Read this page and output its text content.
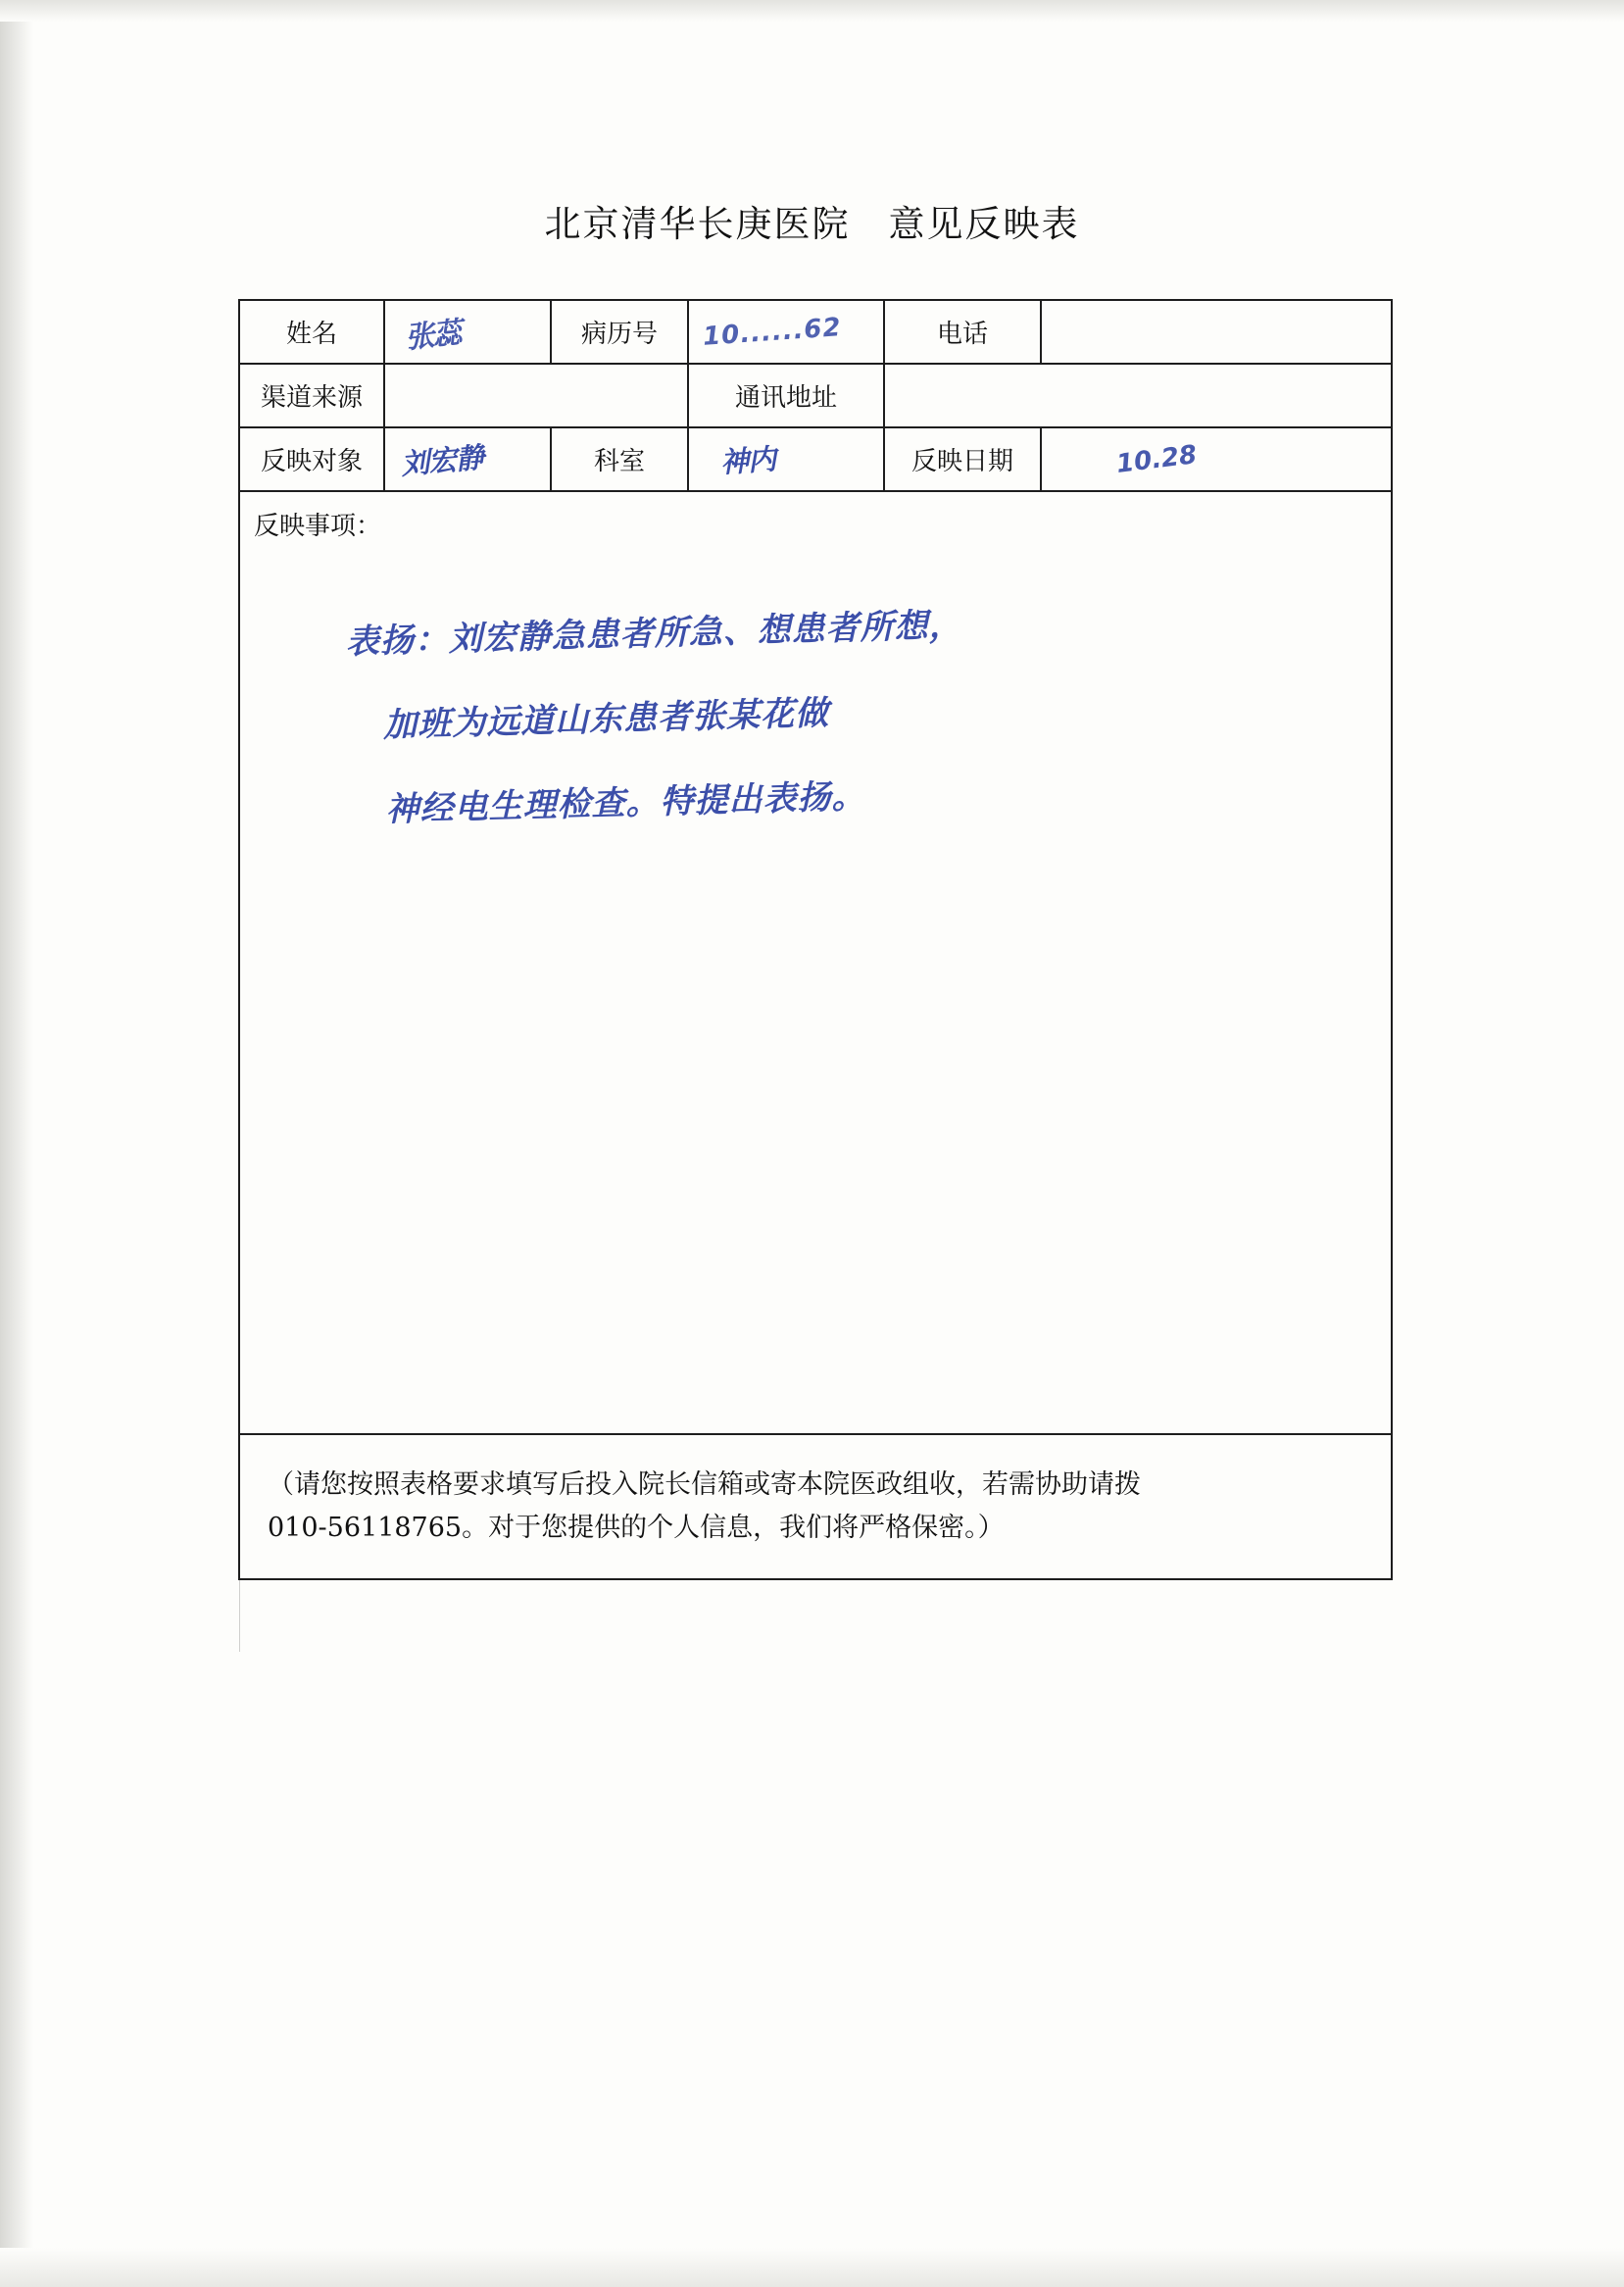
北京清华长庚医院　意见反映表
姓名	张蕊	病历号	10......62	电话	
渠道来源			通讯地址		
反映对象	刘宏静	科室	神内	反映日期	10.28

反映事项：
表扬：刘宏静急患者所急、想患者所想，
加班为远道山东患者张某花做
神经电生理检查。特提出表扬。					

（请您按照表格要求填写后投入院长信箱或寄本院医政组收，若需协助请拨
010-56118765。对于您提供的个人信息，我们将严格保密。）					
